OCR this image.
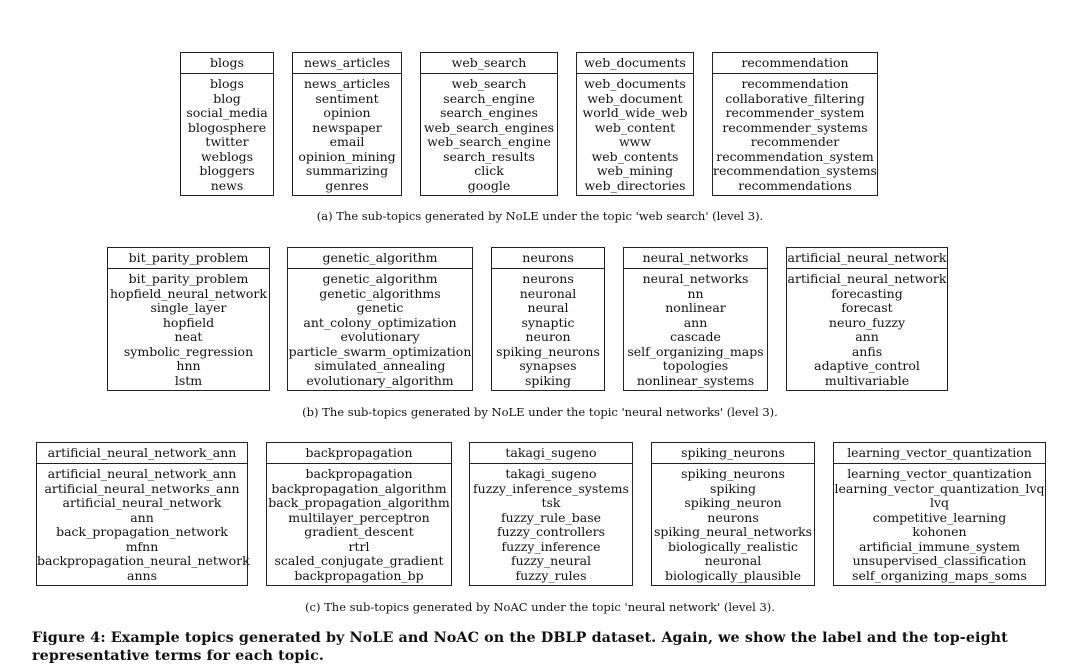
blogs
blogs
blog
social_media
blogosphere
twitter
weblogs
bloggers
news
news_articles
news_articles
sentiment
opinion
newspaper
email
opinion_mining
summarizing
genres
web_search
web_search
search_engine
search_engines
web_search_engines
web_search_engine
search_results
click
google
web_documents
web_documents
web_document
world_wide_web
web_content
www
web_contents
web_mining
web_directories
recommendation
recommendation
collaborative_filtering
recommender_system
recommender_systems
recommender
recommendation_system
recommendation_systems
recommendations
(a) The sub-topics generated by NoLE under the topic 'web search' (level 3).
bit_parity_problem
bit_parity_problem
hopfield_neural_network
single_layer
hopfield
neat
symbolic_regression
hnn
lstm
genetic_algorithm
genetic_algorithm
genetic_algorithms
genetic
ant_colony_optimization
evolutionary
particle_swarm_optimization
simulated_annealing
evolutionary_algorithm
neurons
neurons
neuronal
neural
synaptic
neuron
spiking_neurons
synapses
spiking
neural_networks
neural_networks
nn
nonlinear
ann
cascade
self_organizing_maps
topologies
nonlinear_systems
artificial_neural_network
artificial_neural_network
forecasting
forecast
neuro_fuzzy
ann
anfis
adaptive_control
multivariable
(b) The sub-topics generated by NoLE under the topic 'neural networks' (level 3).
artificial_neural_network_ann
artificial_neural_network_ann
artificial_neural_networks_ann
artificial_neural_network
ann
back_propagation_network
mfnn
backpropagation_neural_network
anns
backpropagation
backpropagation
backpropagation_algorithm
back_propagation_algorithm
multilayer_perceptron
gradient_descent
rtrl
scaled_conjugate_gradient
backpropagation_bp
takagi_sugeno
takagi_sugeno
fuzzy_inference_systems
tsk
fuzzy_rule_base
fuzzy_controllers
fuzzy_inference
fuzzy_neural
fuzzy_rules
spiking_neurons
spiking_neurons
spiking
spiking_neuron
neurons
spiking_neural_networks
biologically_realistic
neuronal
biologically_plausible
learning_vector_quantization
learning_vector_quantization
learning_vector_quantization_lvq
lvq
competitive_learning
kohonen
artificial_immune_system
unsupervised_classification
self_organizing_maps_soms
(c) The sub-topics generated by NoAC under the topic 'neural network' (level 3).
Figure 4: Example topics generated by NoLE and NoAC on the DBLP dataset. Again, we show the label and the top-eight representative terms for each topic.
